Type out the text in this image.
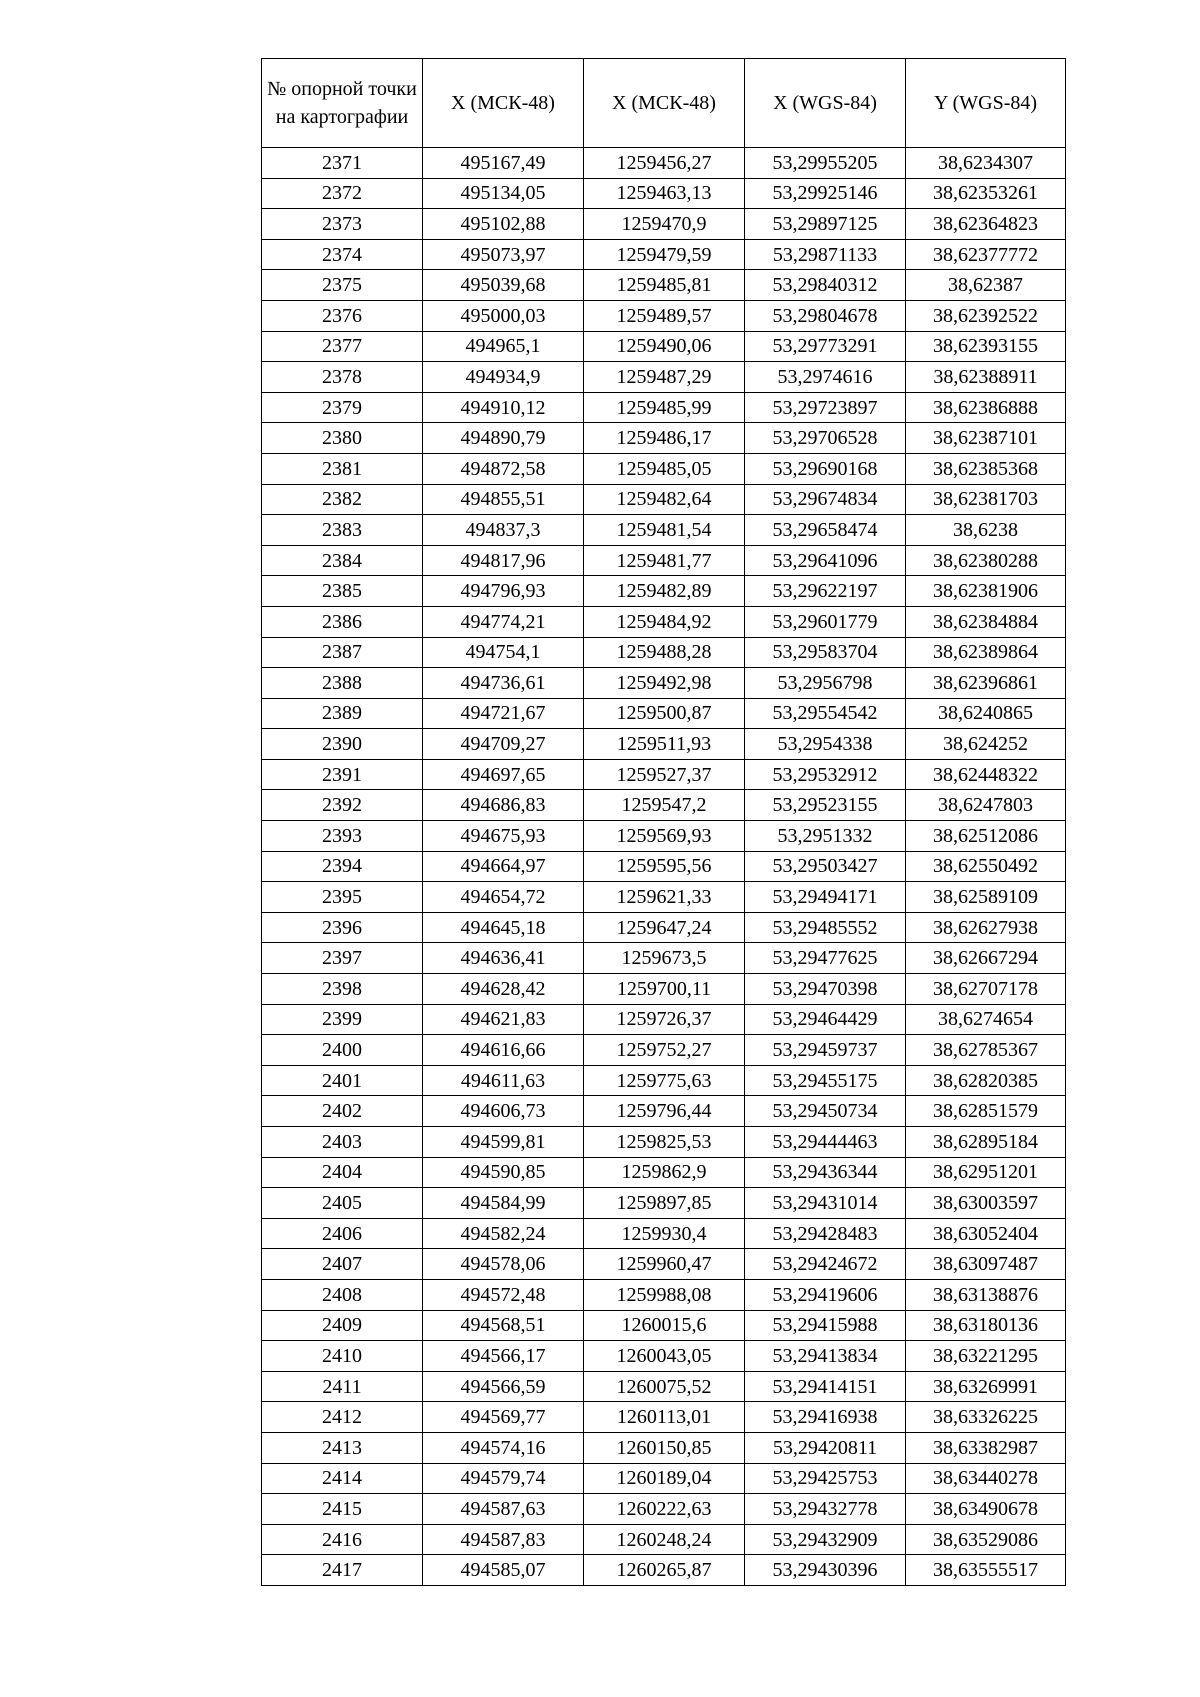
№ опорной точки на картографии	X (МСК-48)	X (МСК-48)	X (WGS-84)	Y (WGS-84)
2371	495167,49	1259456,27	53,29955205	38,6234307
2372	495134,05	1259463,13	53,29925146	38,62353261
2373	495102,88	1259470,9	53,29897125	38,62364823
2374	495073,97	1259479,59	53,29871133	38,62377772
2375	495039,68	1259485,81	53,29840312	38,62387
2376	495000,03	1259489,57	53,29804678	38,62392522
2377	494965,1	1259490,06	53,29773291	38,62393155
2378	494934,9	1259487,29	53,2974616	38,62388911
2379	494910,12	1259485,99	53,29723897	38,62386888
2380	494890,79	1259486,17	53,29706528	38,62387101
2381	494872,58	1259485,05	53,29690168	38,62385368
2382	494855,51	1259482,64	53,29674834	38,62381703
2383	494837,3	1259481,54	53,29658474	38,6238
2384	494817,96	1259481,77	53,29641096	38,62380288
2385	494796,93	1259482,89	53,29622197	38,62381906
2386	494774,21	1259484,92	53,29601779	38,62384884
2387	494754,1	1259488,28	53,29583704	38,62389864
2388	494736,61	1259492,98	53,2956798	38,62396861
2389	494721,67	1259500,87	53,29554542	38,6240865
2390	494709,27	1259511,93	53,2954338	38,624252
2391	494697,65	1259527,37	53,29532912	38,62448322
2392	494686,83	1259547,2	53,29523155	38,6247803
2393	494675,93	1259569,93	53,2951332	38,62512086
2394	494664,97	1259595,56	53,29503427	38,62550492
2395	494654,72	1259621,33	53,29494171	38,62589109
2396	494645,18	1259647,24	53,29485552	38,62627938
2397	494636,41	1259673,5	53,29477625	38,62667294
2398	494628,42	1259700,11	53,29470398	38,62707178
2399	494621,83	1259726,37	53,29464429	38,6274654
2400	494616,66	1259752,27	53,29459737	38,62785367
2401	494611,63	1259775,63	53,29455175	38,62820385
2402	494606,73	1259796,44	53,29450734	38,62851579
2403	494599,81	1259825,53	53,29444463	38,62895184
2404	494590,85	1259862,9	53,29436344	38,62951201
2405	494584,99	1259897,85	53,29431014	38,63003597
2406	494582,24	1259930,4	53,29428483	38,63052404
2407	494578,06	1259960,47	53,29424672	38,63097487
2408	494572,48	1259988,08	53,29419606	38,63138876
2409	494568,51	1260015,6	53,29415988	38,63180136
2410	494566,17	1260043,05	53,29413834	38,63221295
2411	494566,59	1260075,52	53,29414151	38,63269991
2412	494569,77	1260113,01	53,29416938	38,63326225
2413	494574,16	1260150,85	53,29420811	38,63382987
2414	494579,74	1260189,04	53,29425753	38,63440278
2415	494587,63	1260222,63	53,29432778	38,63490678
2416	494587,83	1260248,24	53,29432909	38,63529086
2417	494585,07	1260265,87	53,29430396	38,63555517
